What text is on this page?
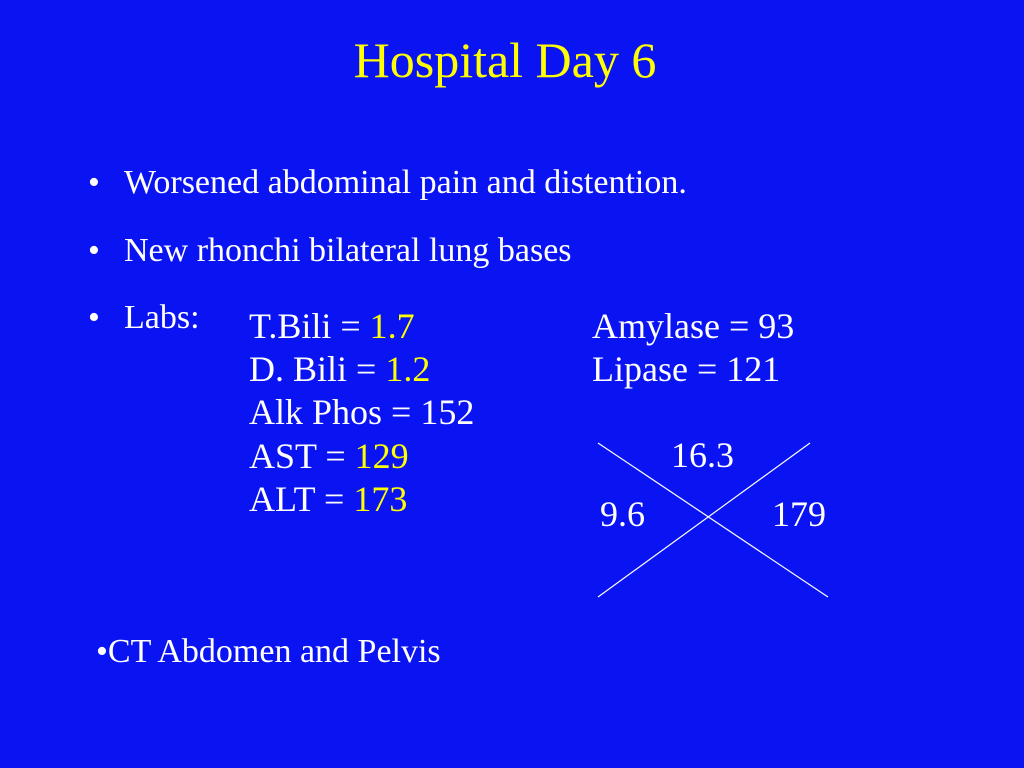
Hospital Day 6
• Worsened abdominal pain and distention.
• New rhonchi bilateral lung bases
• Labs: T.Bili = 1.7
D. Bili = 1.2
Alk Phos = 152
AST = 129
ALT = 173
Amylase = 93
Lipase = 121
16.3
9.6	179
•CT Abdomen and Pelvis
